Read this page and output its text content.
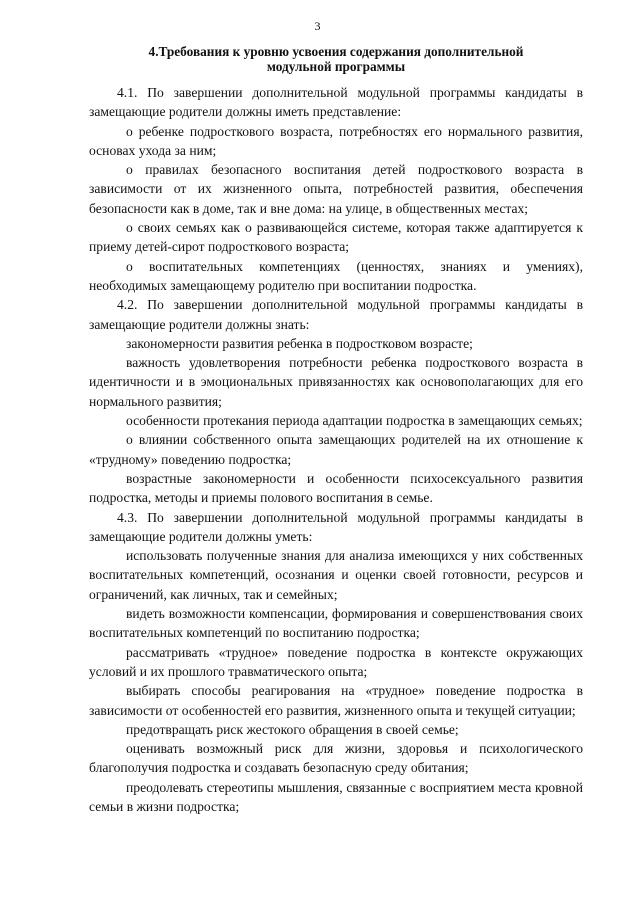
3
4.Требования к уровню усвоения содержания дополнительной
модульной программы

4.1. По завершении дополнительной модульной программы кандидаты в замещающие родители должны иметь представление:

о ребенке подросткового возраста, потребностях его нормального развития, основах ухода за ним;

о правилах безопасного воспитания детей подросткового возраста в зависимости от их жизненного опыта, потребностей развития, обеспечения безопасности как в доме, так и вне дома: на улице, в общественных местах;

о своих семьях как о развивающейся системе, которая также адаптируется к приему детей-сирот подросткового возраста;

о воспитательных компетенциях (ценностях, знаниях и умениях), необходимых замещающему родителю при воспитании подростка.

4.2. По завершении дополнительной модульной программы кандидаты в замещающие родители должны знать:

закономерности развития ребенка в подростковом возрасте;

важность удовлетворения потребности ребенка подросткового возраста в идентичности и в эмоциональных привязанностях как основополагающих для его нормального развития;

особенности протекания периода адаптации подростка в замещающих семьях;

о влиянии собственного опыта замещающих родителей на их отношение к «трудному» поведению подростка;

возрастные закономерности и особенности психосексуального развития подростка, методы и приемы полового воспитания в семье.

4.3. По завершении дополнительной модульной программы кандидаты в замещающие родители должны уметь:

использовать полученные знания для анализа имеющихся у них собственных воспитательных компетенций, осознания и оценки своей готовности, ресурсов и ограничений, как личных, так и семейных;

видеть возможности компенсации, формирования и совершенствования своих воспитательных компетенций по воспитанию подростка;

рассматривать «трудное» поведение подростка в контексте окружающих условий и их прошлого травматического опыта;

выбирать способы реагирования на «трудное» поведение подростка в зависимости от особенностей его развития, жизненного опыта и текущей ситуации;

предотвращать риск жестокого обращения в своей семье;

оценивать возможный риск для жизни, здоровья и психологического благополучия подростка и создавать безопасную среду обитания;

преодолевать стереотипы мышления, связанные с восприятием места кровной семьи в жизни подростка;
